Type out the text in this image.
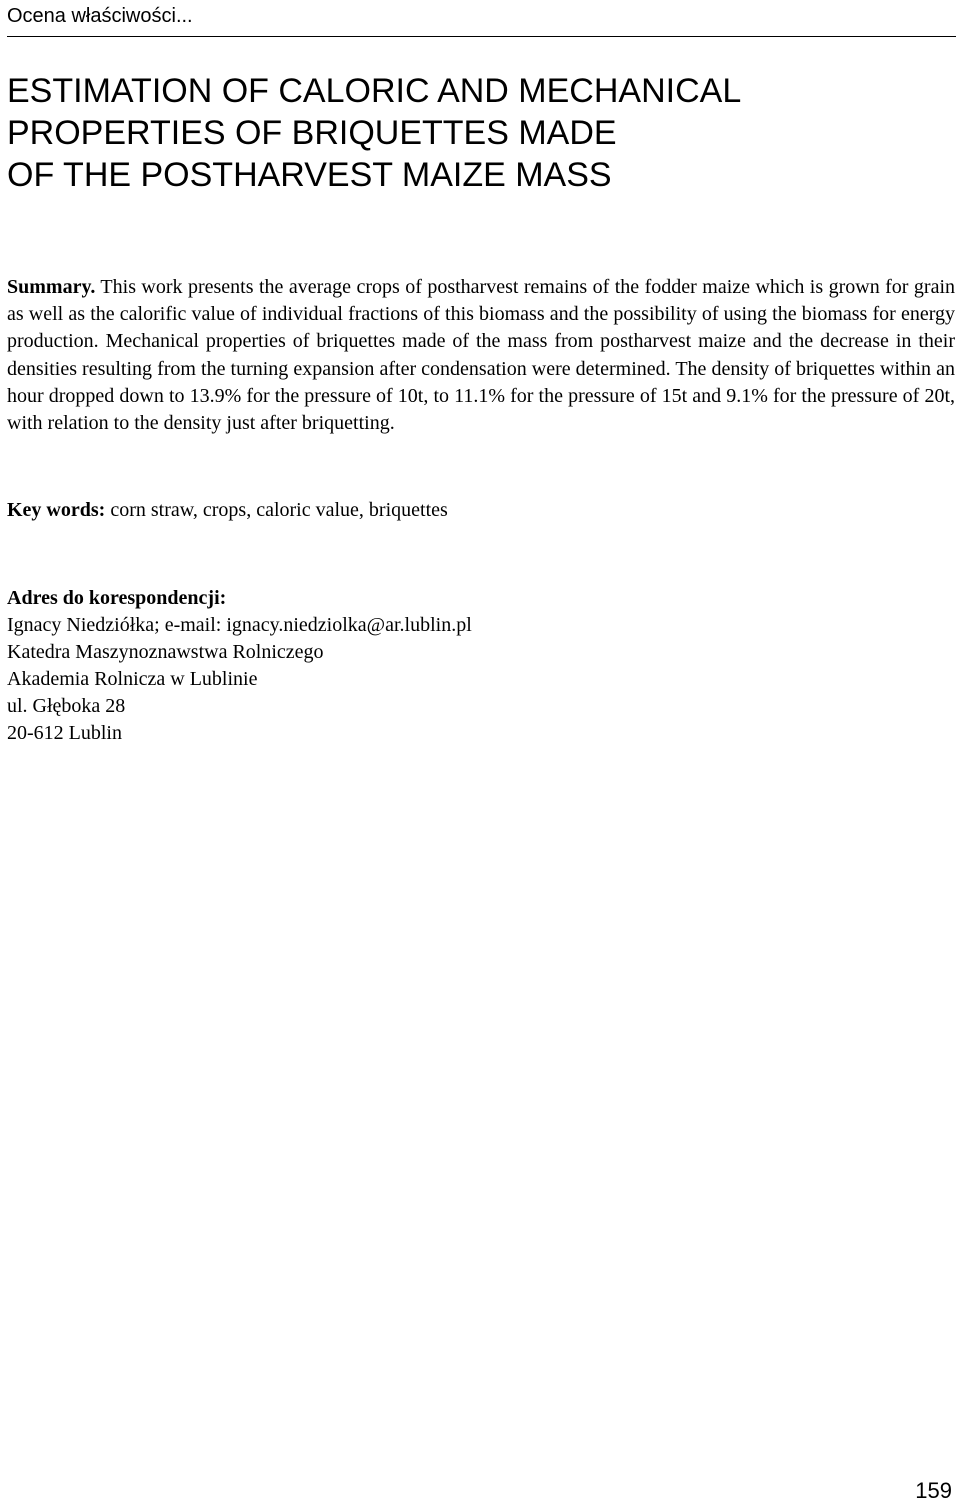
Ocena właściwości...
ESTIMATION OF CALORIC AND MECHANICAL
PROPERTIES OF BRIQUETTES MADE
OF THE POSTHARVEST MAIZE MASS

Summary. This work presents the average crops of postharvest remains of the fodder maize which is grown for grain as well as the calorific value of individual fractions of this biomass and the possibility of using the biomass for energy production. Mechanical properties of briquettes made of the mass from postharvest maize and the decrease in their densities resulting from the turning expansion after condensation were determined. The density of briquettes within an hour dropped down to 13.9% for the pressure of 10t, to 11.1% for the pressure of 15t and 9.1% for the pressure of 20t, with relation to the density just after briquetting.

Key words: corn straw, crops, caloric value, briquettes

Adres do korespondencji:
Ignacy Niedziółka; e-mail: ignacy.niedziolka@ar.lublin.pl
Katedra Maszynoznawstwa Rolniczego
Akademia Rolnicza w Lublinie
ul. Głęboka 28
20-612 Lublin
159
